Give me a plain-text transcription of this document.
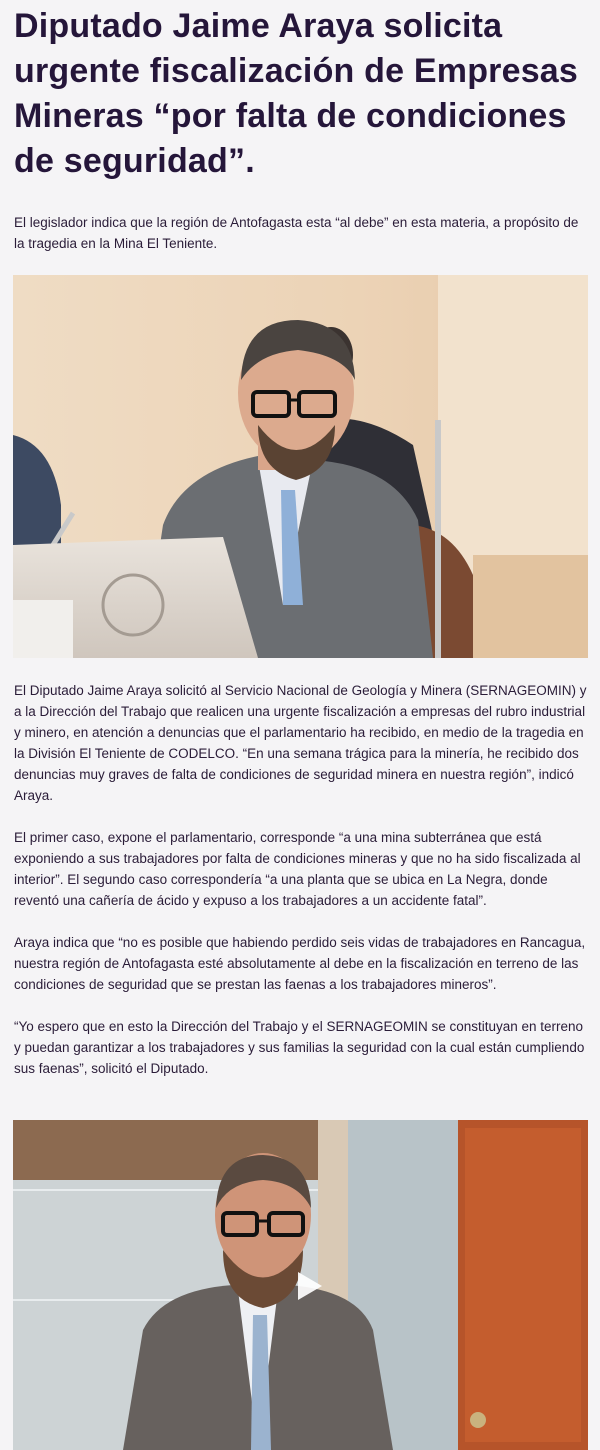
Diputado Jaime Araya solicita urgente fiscalización de Empresas Mineras “por falta de condiciones de seguridad”.

El legislador indica que la región de Antofagasta esta “al debe” en esta materia, a propósito de la tragedia en la Mina El Teniente.

El Diputado Jaime Araya solicitó al Servicio Nacional de Geología y Minera (SERNAGEOMIN) y a la Dirección del Trabajo que realicen una urgente fiscalización a empresas del rubro industrial y minero, en atención a denuncias que el parlamentario ha recibido, en medio de la tragedia en la División El Teniente de CODELCO. “En una semana trágica para la minería, he recibido dos denuncias muy graves de falta de condiciones de seguridad minera en nuestra región”, indicó Araya.

El primer caso, expone el parlamentario, corresponde “a una mina subterránea que está exponiendo a sus trabajadores por falta de condiciones mineras y que no ha sido fiscalizada al interior”. El segundo caso correspondería “a una planta que se ubica en La Negra, donde reventó una cañería de ácido y expuso a los trabajadores a un accidente fatal”.

Araya indica que “no es posible que habiendo perdido seis vidas de trabajadores en Rancagua, nuestra región de Antofagasta esté absolutamente al debe en la fiscalización en terreno de las condiciones de seguridad que se prestan las faenas a los trabajadores mineros”.

“Yo espero que en esto la Dirección del Trabajo y el SERNAGEOMIN se constituyan en terreno y puedan garantizar a los trabajadores y sus familias la seguridad con la cual están cumpliendo sus faenas”, solicitó el Diputado.
